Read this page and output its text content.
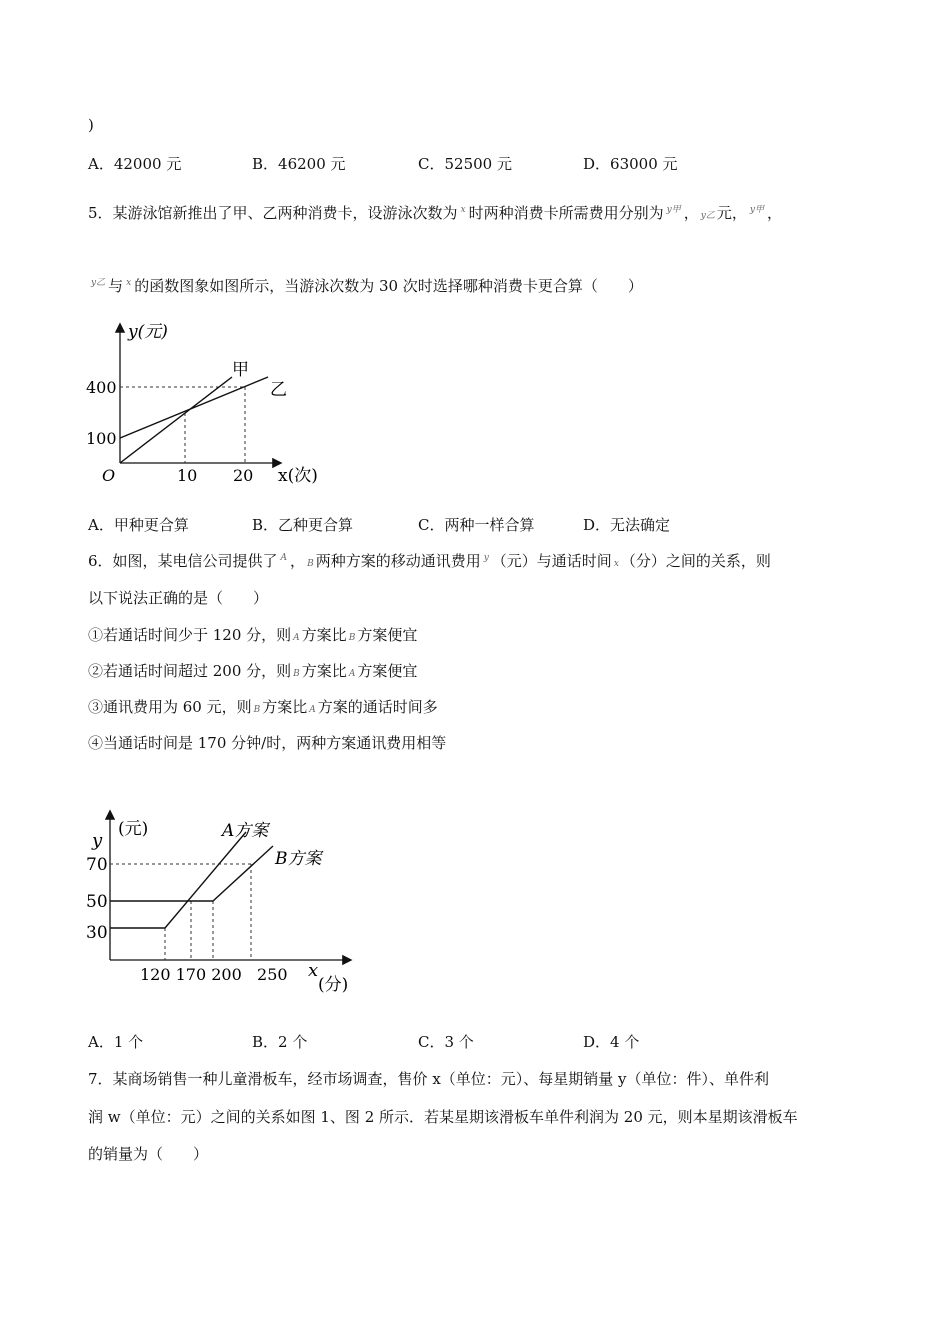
)
A．42000 元	B．46200 元	C．52500 元	D．63000 元
5．某游泳馆新推出了甲、乙两种消费卡，设游泳次数为 $^x$ 时两种消费卡所需费用分别为 $^{y甲}$ ， y乙 元， $^{y甲}$ ，
$^{y乙}$ 与 $^x$ 的函数图象如图所示，当游泳次数为 30 次时选择哪种消费卡更合算（　　）
y(元)
x(次)
O
400
100
10 20
甲
乙
A．甲种更合算	B．乙种更合算	C．两种一样合算	D．无法确定
6．如图，某电信公司提供了 $^A$ ， B 两种方案的移动通讯费用 $^y$ （元）与通话时间 x （分）之间的关系，则
以下说法正确的是（　　）
①若通话时间少于 120 分，则 A 方案比 B 方案便宜
②若通话时间超过 200 分，则 B 方案比 A 方案便宜
③通讯费用为 60 元，则 B 方案比 A 方案的通话时间多
④当通话时间是 170 分钟/时，两种方案通讯费用相等
y
(元)	A方案
B方案
70
50
30
120 170 200   250 x
(分)
A．1 个	B．2 个	C．3 个	D．4 个
7．某商场销售一种儿童滑板车，经市场调查，售价 x（单位：元）、每星期销量 y（单位：件）、单件利
润 w（单位：元）之间的关系如图 1、图 2 所示．若某星期该滑板车单件利润为 20 元，则本星期该滑板车
的销量为（　　）
